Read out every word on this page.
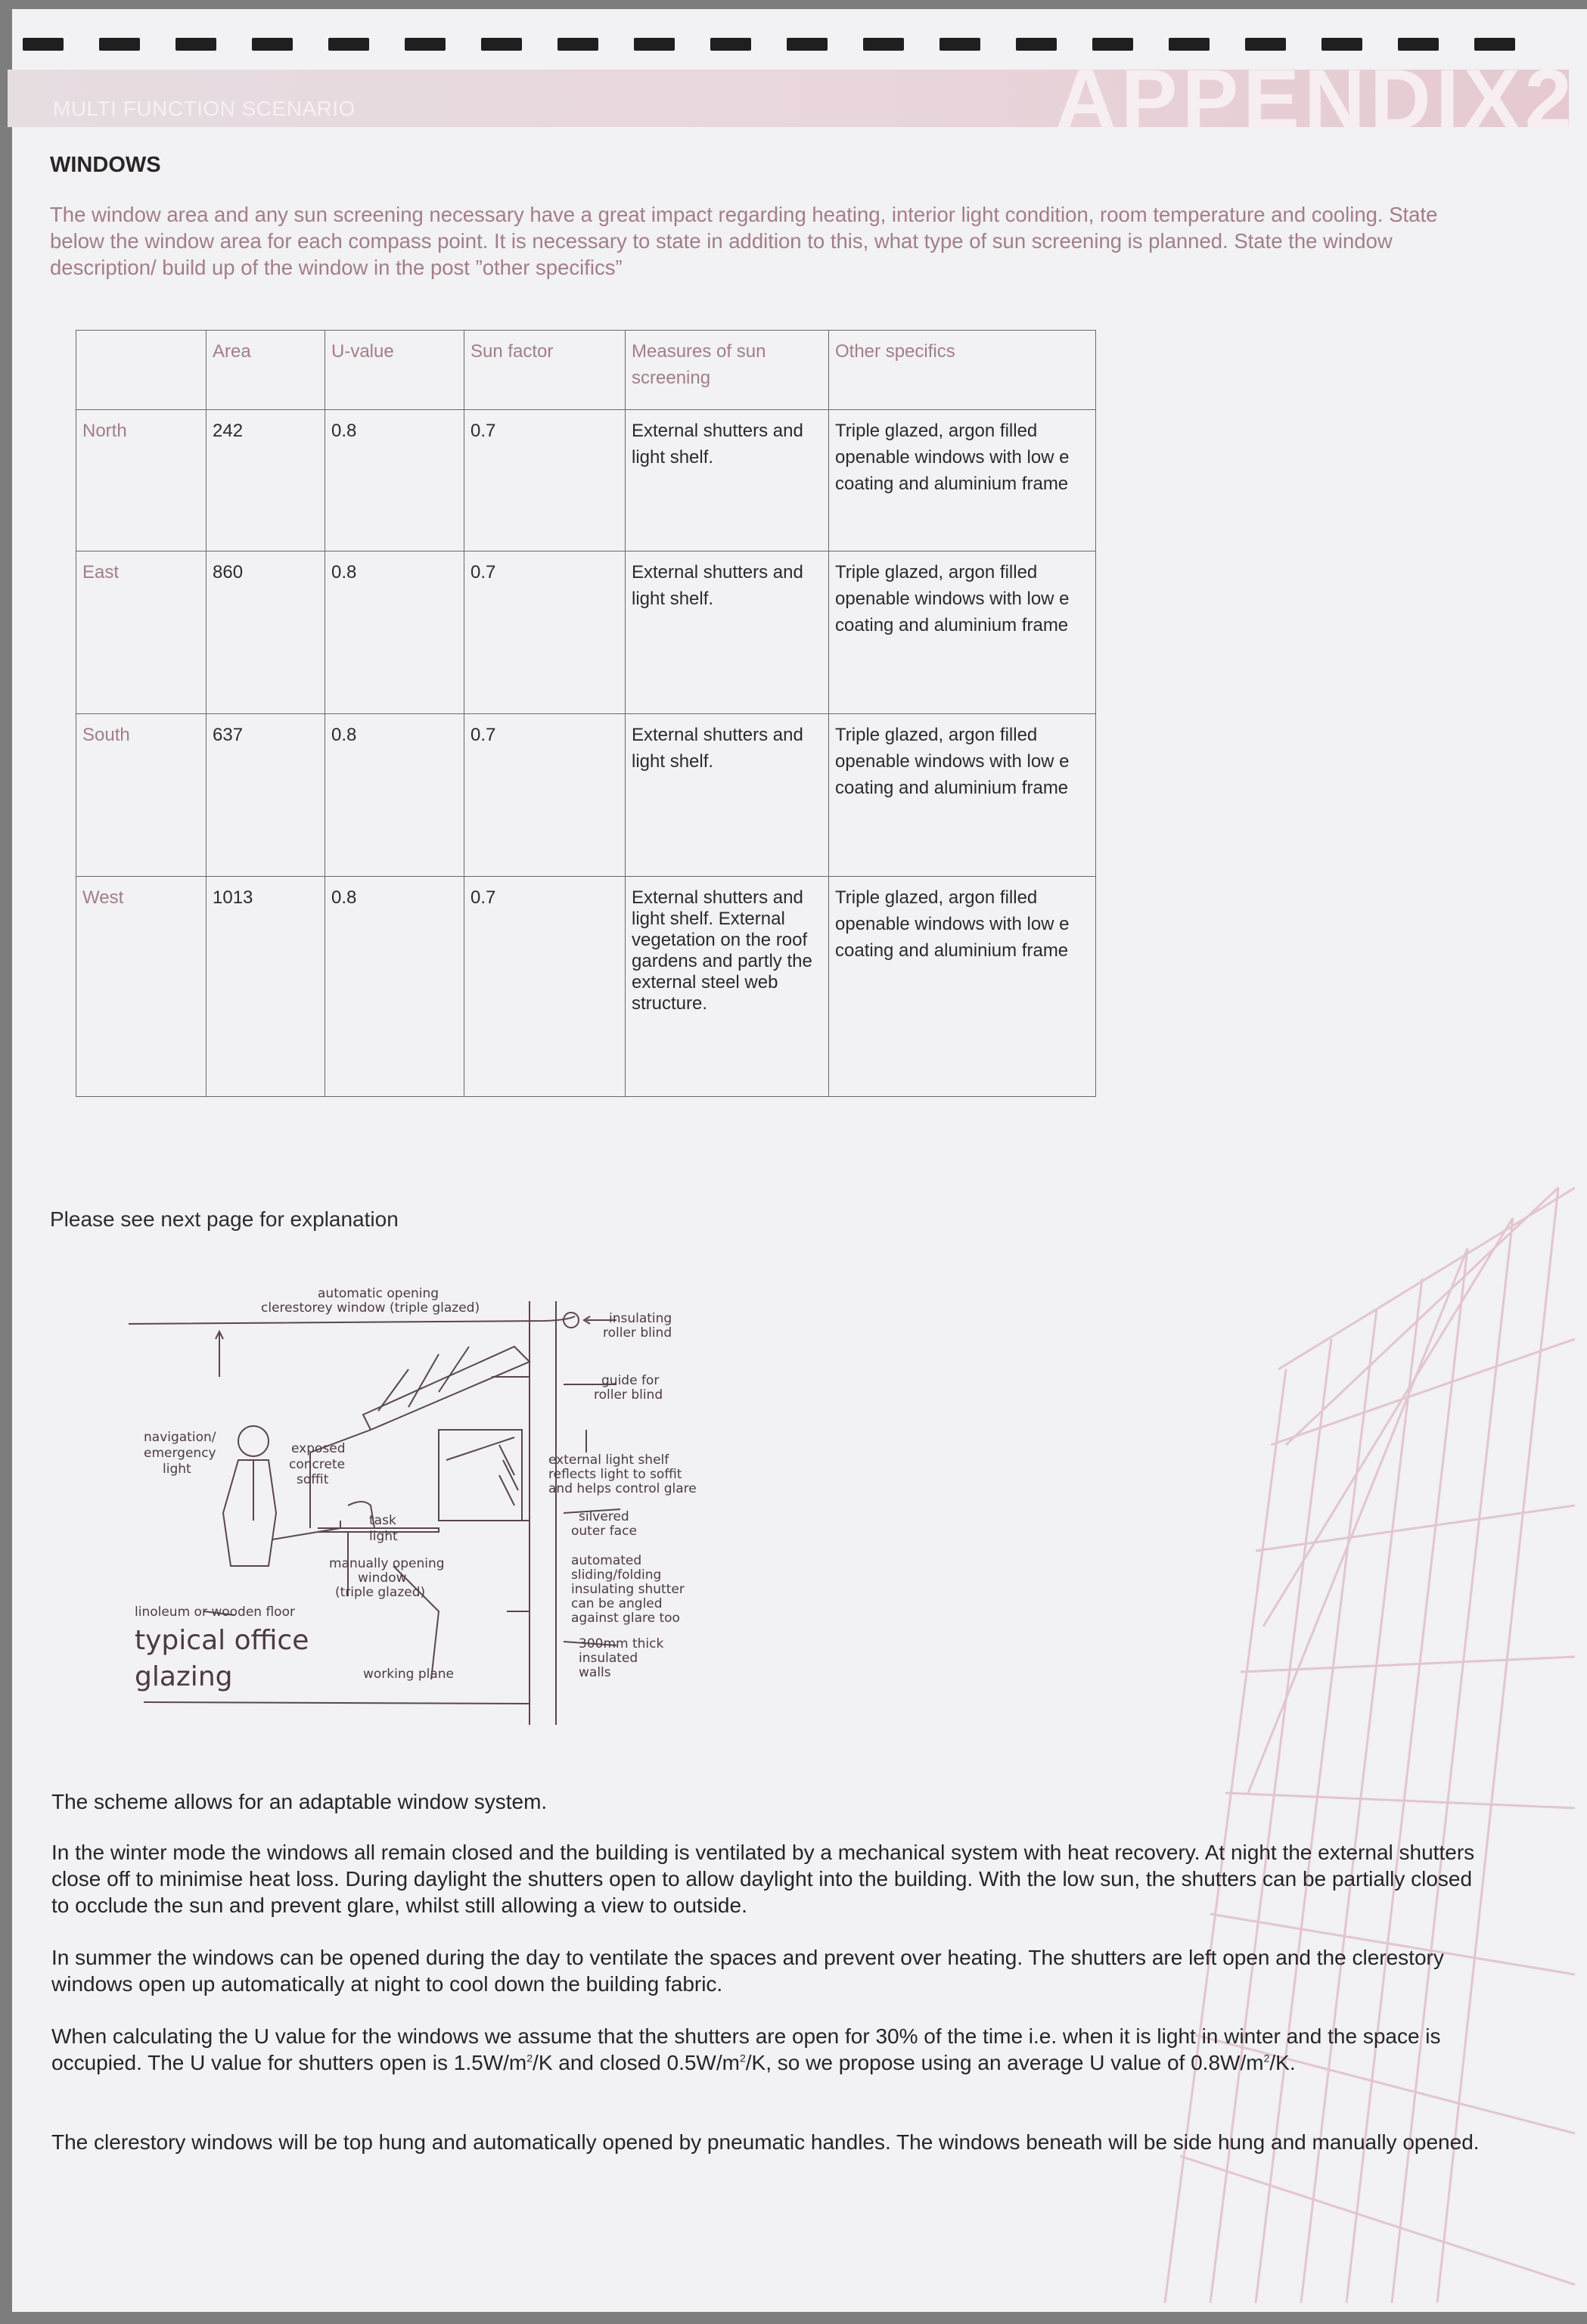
MULTI FUNCTION SCENARIO	APPENDIX2
WINDOWS
The window area and any sun screening necessary have a great impact regarding heating, interior light condition, room temperature and cooling. State below the window area for each compass point. It is necessary to state in addition to this, what type of sun screening is planned. State the window description/ build up of the window in the post ”other specifics”
	Area	U-value	Sun factor	Measures of sun screening	Other specifics
North	242	0.8	0.7	External shutters and light shelf.	Triple glazed, argon filled openable windows with low e coating and aluminium frame
East	860	0.8	0.7	External shutters and light shelf.	Triple glazed, argon filled openable windows with low e coating and aluminium frame
South	637	0.8	0.7	External shutters and light shelf.	Triple glazed, argon filled openable windows with low e coating and aluminium frame
West	1013	0.8	0.7	External shutters and light shelf. External vegetation on the roof gardens and partly the external steel web structure.	Triple glazed, argon filled openable windows with low e coating and aluminium frame
Please see next page for explanation
automatic opening
clerestorey window (triple glazed)
insulating
roller blind
guide for
roller blind
navigation/
emergency
light
exposed
concrete
soffit
external light shelf
reflects light to soffit
and helps control glare
task
light
silvered
outer face
manually opening
window
(triple glazed)
automated
sliding/folding
insulating shutter
can be angled
against glare too
linoleum or wooden floor
300mm thick
insulated
walls
working plane
typical office
glazing
The scheme allows for an adaptable window system.
In the winter mode the windows all remain closed and the building is ventilated by a mechanical system with heat recovery. At night the external shutters close off to minimise heat loss. During daylight the shutters open to allow daylight into the building. With the low sun, the shutters can be partially closed to occlude the sun and prevent glare, whilst still allowing a view to outside.
In summer the windows can be opened during the day to ventilate the spaces and prevent over heating. The shutters are left open and the clerestory windows open up automatically at night to cool down the building fabric.
When calculating the U value for the windows we assume that the shutters are open for 30% of the time i.e. when it is light in winter and the space is occupied. The U value for shutters open is $1.5W/m^2/K$ and closed $0.5W/m^2/K$, so we propose using an average U value of $0.8W/m^2/K$.
The clerestory windows will be top hung and automatically opened by pneumatic handles. The windows beneath will be side hung and manually opened.
